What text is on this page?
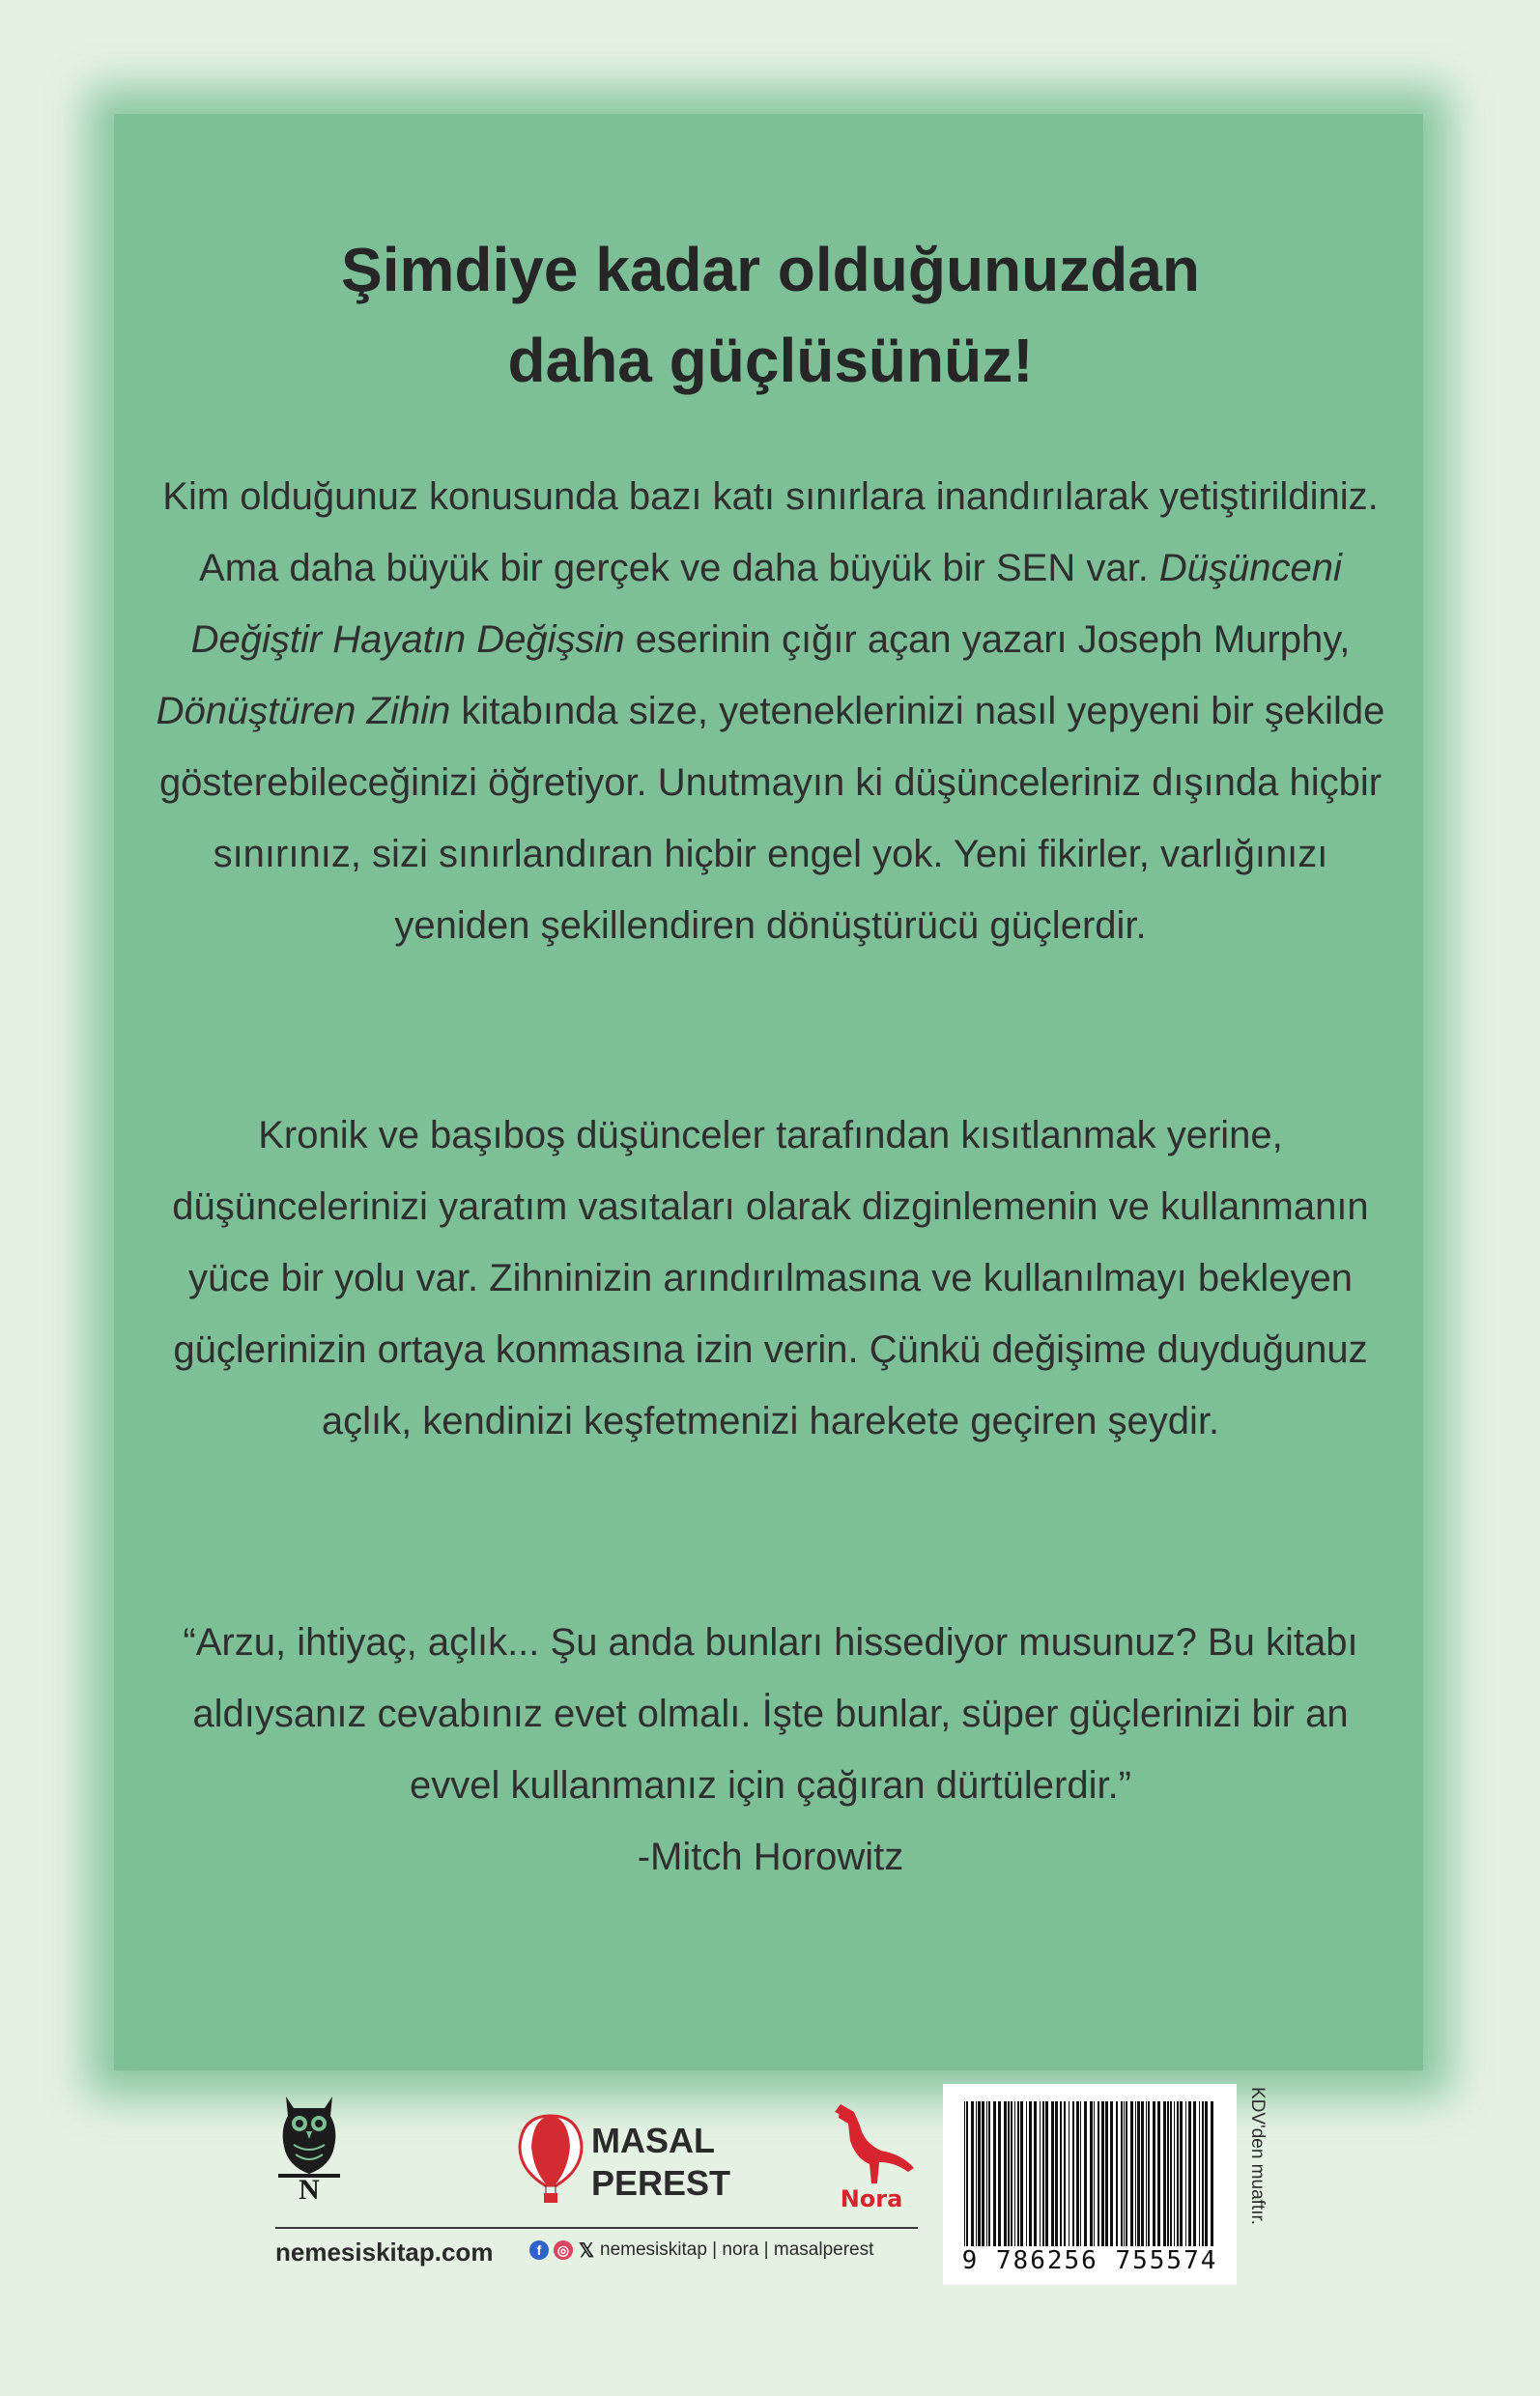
Şimdiye kadar olduğunuzdan
daha güçlüsünüz!

Kim olduğunuz konusunda bazı katı sınırlara inandırılarak yetiştirildiniz. Ama daha büyük bir gerçek ve daha büyük bir SEN var. Düşünceni Değiştir Hayatın Değişsin eserinin çığır açan yazarı Joseph Murphy, Dönüştüren Zihin kitabında size, yeteneklerinizi nasıl yepyeni bir şekilde gösterebileceğinizi öğretiyor. Unutmayın ki düşünceleriniz dışında hiçbir sınırınız, sizi sınırlandıran hiçbir engel yok. Yeni fikirler, varlığınızı yeniden şekillendiren dönüştürücü güçlerdir.

Kronik ve başıboş düşünceler tarafından kısıtlanmak yerine, düşüncelerinizi yaratım vasıtaları olarak dizginlemenin ve kullanmanın yüce bir yolu var. Zihninizin arındırılmasına ve kullanılmayı bekleyen güçlerinizin ortaya konmasına izin verin. Çünkü değişime duyduğunuz açlık, kendinizi keşfetmenizi harekete geçiren şeydir.

“Arzu, ihtiyaç, açlık... Şu anda bunları hissediyor musunuz? Bu kitabı aldıysanız cevabınız evet olmalı. İşte bunlar, süper güçlerinizi bir an evvel kullanmanız için çağıran dürtülerdir.”
-Mitch Horowitz

N
MASAL
PEREST	Nora
nemesiskitap.com	f	◎ 𝕏 nemesiskitap | nora | masalperest	9 786256 755574
KDV'den muaftır.
